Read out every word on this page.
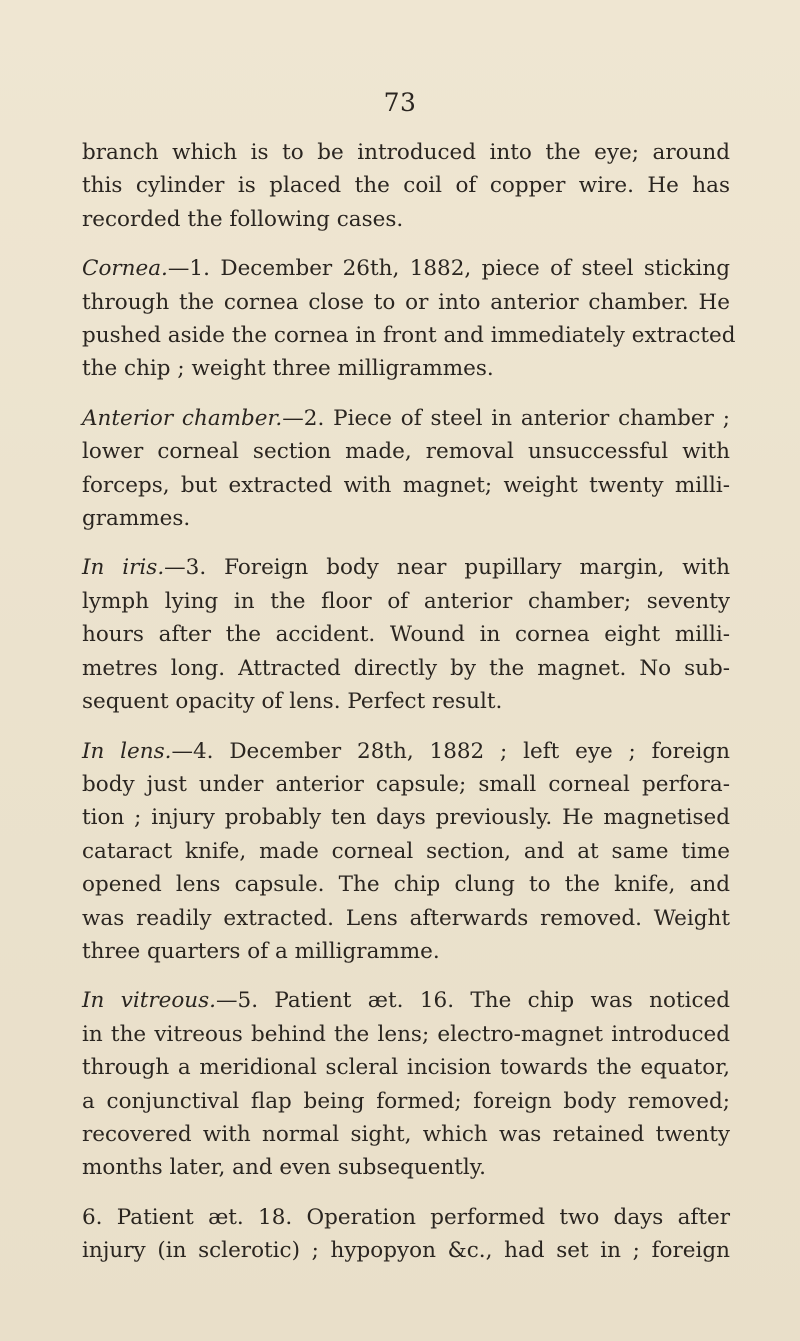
73
branch which is to be introduced into the eye; around
this cylinder is placed the coil of copper wire. He has
recorded the following cases.
Cornea.—1. December 26th, 1882, piece of steel sticking
through the cornea close to or into anterior chamber. He
pushed aside the cornea in front and immediately extracted
the chip ; weight three milligrammes.
Anterior chamber.—2. Piece of steel in anterior chamber ;
lower corneal section made, removal unsuccessful with
forceps, but extracted with magnet; weight twenty milli-
grammes.
In iris.—3. Foreign body near pupillary margin, with
lymph lying in the floor of anterior chamber; seventy
hours after the accident. Wound in cornea eight milli-
metres long. Attracted directly by the magnet. No sub-
sequent opacity of lens. Perfect result.
In lens.—4. December 28th, 1882 ; left eye ; foreign
body just under anterior capsule; small corneal perfora-
tion ; injury probably ten days previously. He magnetised
cataract knife, made corneal section, and at same time
opened lens capsule. The chip clung to the knife, and
was readily extracted. Lens afterwards removed. Weight
three quarters of a milligramme.
In vitreous.—5. Patient æt. 16. The chip was noticed
in the vitreous behind the lens; electro-magnet introduced
through a meridional scleral incision towards the equator,
a conjunctival flap being formed; foreign body removed;
recovered with normal sight, which was retained twenty
months later, and even subsequently.
6. Patient æt. 18. Operation performed two days after
injury (in sclerotic) ; hypopyon &c., had set in ; foreign
